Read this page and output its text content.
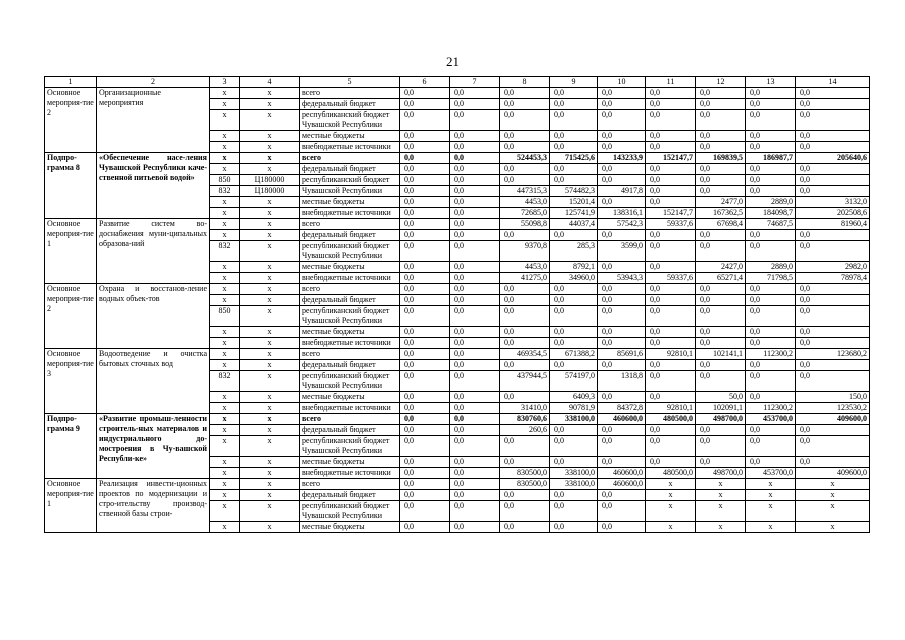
21
1	2	3	4	5	6	7	8	9	10	11	12	13	14
Основное мероприя-тие 2	Организационные мероприятия	х	х	всего	0,0	0,0	0,0	0,0	0,0	0,0	0,0	0,0	0,0
		х	х	федеральный бюджет	0,0	0,0	0,0	0,0	0,0	0,0	0,0	0,0	0,0
		х	х	республиканский бюджет Чувашской Республики	0,0	0,0	0,0	0,0	0,0	0,0	0,0	0,0	0,0
		х	х	местные бюджеты	0,0	0,0	0,0	0,0	0,0	0,0	0,0	0,0	0,0
		х	х	внебюджетные источники	0,0	0,0	0,0	0,0	0,0	0,0	0,0	0,0	0,0
Подпро-грамма 8	«Обеспечение насе-ления Чувашской Республики каче-ственной питьевой водой»	х	х	всего	0,0	0,0	524453,3	715425,6	143233,9	152147,7	169839,5	186987,7	205640,6
		х	х	федеральный бюджет	0,0	0,0	0,0	0,0	0,0	0,0	0,0	0,0	0,0
		850	Ц180000	республиканский бюджет	0,0	0,0	0,0	0,0	0,0	0,0	0,0	0,0	0,0
		832	Ц180000	Чувашской Республики	0,0	0,0	447315,3	574482,3	4917,8	0,0	0,0	0,0	0,0
		х	х	местные бюджеты	0,0	0,0	4453,0	15201,4	0,0	0,0	2477,0	2889,0	3132,0
		х	х	внебюджетные источники	0,0	0,0	72685,0	125741,9	138316,1	152147,7	167362,5	184098,7	202508,6
Основное мероприя-тие 1	Развитие систем во-доснабжения муни-ципальных образова-ний	х	х	всего	0,0	0,0	55098,8	44037,4	57542,3	59337,6	67698,4	74687,5	81960,4
		х	х	федеральный бюджет	0,0	0,0	0,0	0,0	0,0	0,0	0,0	0,0	0,0
		832	х	республиканский бюджет Чувашской Республики	0,0	0,0	9370,8	285,3	3599,0	0,0	0,0	0,0	0,0
		х	х	местные бюджеты	0,0	0,0	4453,0	8792,1	0,0	0,0	2427,0	2889,0	2982,0
		х	х	внебюджетные источники	0,0	0,0	41275,0	34960,0	53943,3	59337,6	65271,4	71798,5	78978,4
Основное мероприя-тие 2	Охрана и восстанов-ление водных объек-тов	х	х	всего	0,0	0,0	0,0	0,0	0,0	0,0	0,0	0,0	0,0
		х	х	федеральный бюджет	0,0	0,0	0,0	0,0	0,0	0,0	0,0	0,0	0,0
		850	х	республиканский бюджет Чувашской Республики	0,0	0,0	0,0	0,0	0,0	0,0	0,0	0,0	0,0
		х	х	местные бюджеты	0,0	0,0	0,0	0,0	0,0	0,0	0,0	0,0	0,0
		х	х	внебюджетные источники	0,0	0,0	0,0	0,0	0,0	0,0	0,0	0,0	0,0
Основное мероприя-тие 3	Водоотведение и очистка бытовых сточных вод	х	х	всего	0,0	0,0	469354,5	671388,2	85691,6	92810,1	102141,1	112300,2	123680,2
		х	х	федеральный бюджет	0,0	0,0	0,0	0,0	0,0	0,0	0,0	0,0	0,0
		832	х	республиканский бюджет Чувашской Республики	0,0	0,0	437944,5	574197,0	1318,8	0,0	0,0	0,0	0,0
		х	х	местные бюджеты	0,0	0,0	0,0	6409,3	0,0	0,0	50,0	0,0	150,0
		х	х	внебюджетные источники	0,0	0,0	31410,0	90781,9	84372,8	92810,1	102091,1	112300,2	123530,2
Подпро-грамма 9	«Развитие промыш-ленности строитель-ных материалов и индустриального до-мостроения в Чу-вашской Республи-ке»	х	х	всего	0,0	0,0	830760,6	338100,0	460600,0	480500,0	498700,0	453700,0	409600,0
		х	х	федеральный бюджет	0,0	0,0	260,6	0,0	0,0	0,0	0,0	0,0	0,0
		х	х	республиканский бюджет Чувашской Республики	0,0	0,0	0,0	0,0	0,0	0,0	0,0	0,0	0,0
		х	х	местные бюджеты	0,0	0,0	0,0	0,0	0,0	0,0	0,0	0,0	0,0
		х	х	внебюджетные источники	0,0	0,0	830500,0	338100,0	460600,0	480500,0	498700,0	453700,0	409600,0
Основное мероприя-тие 1	Реализация инвести-ционных проектов по модернизации и стро-ительству производ-ственной базы строи-	х	х	всего	0,0	0,0	830500,0	338100,0	460600,0	х	х	х	х
		х	х	федеральный бюджет	0,0	0,0	0,0	0,0	0,0	х	х	х	х
		х	х	республиканский бюджет Чувашской Республики	0,0	0,0	0,0	0,0	0,0	х	х	х	х
		х	х	местные бюджеты	0,0	0,0	0,0	0,0	0,0	х	х	х	х
